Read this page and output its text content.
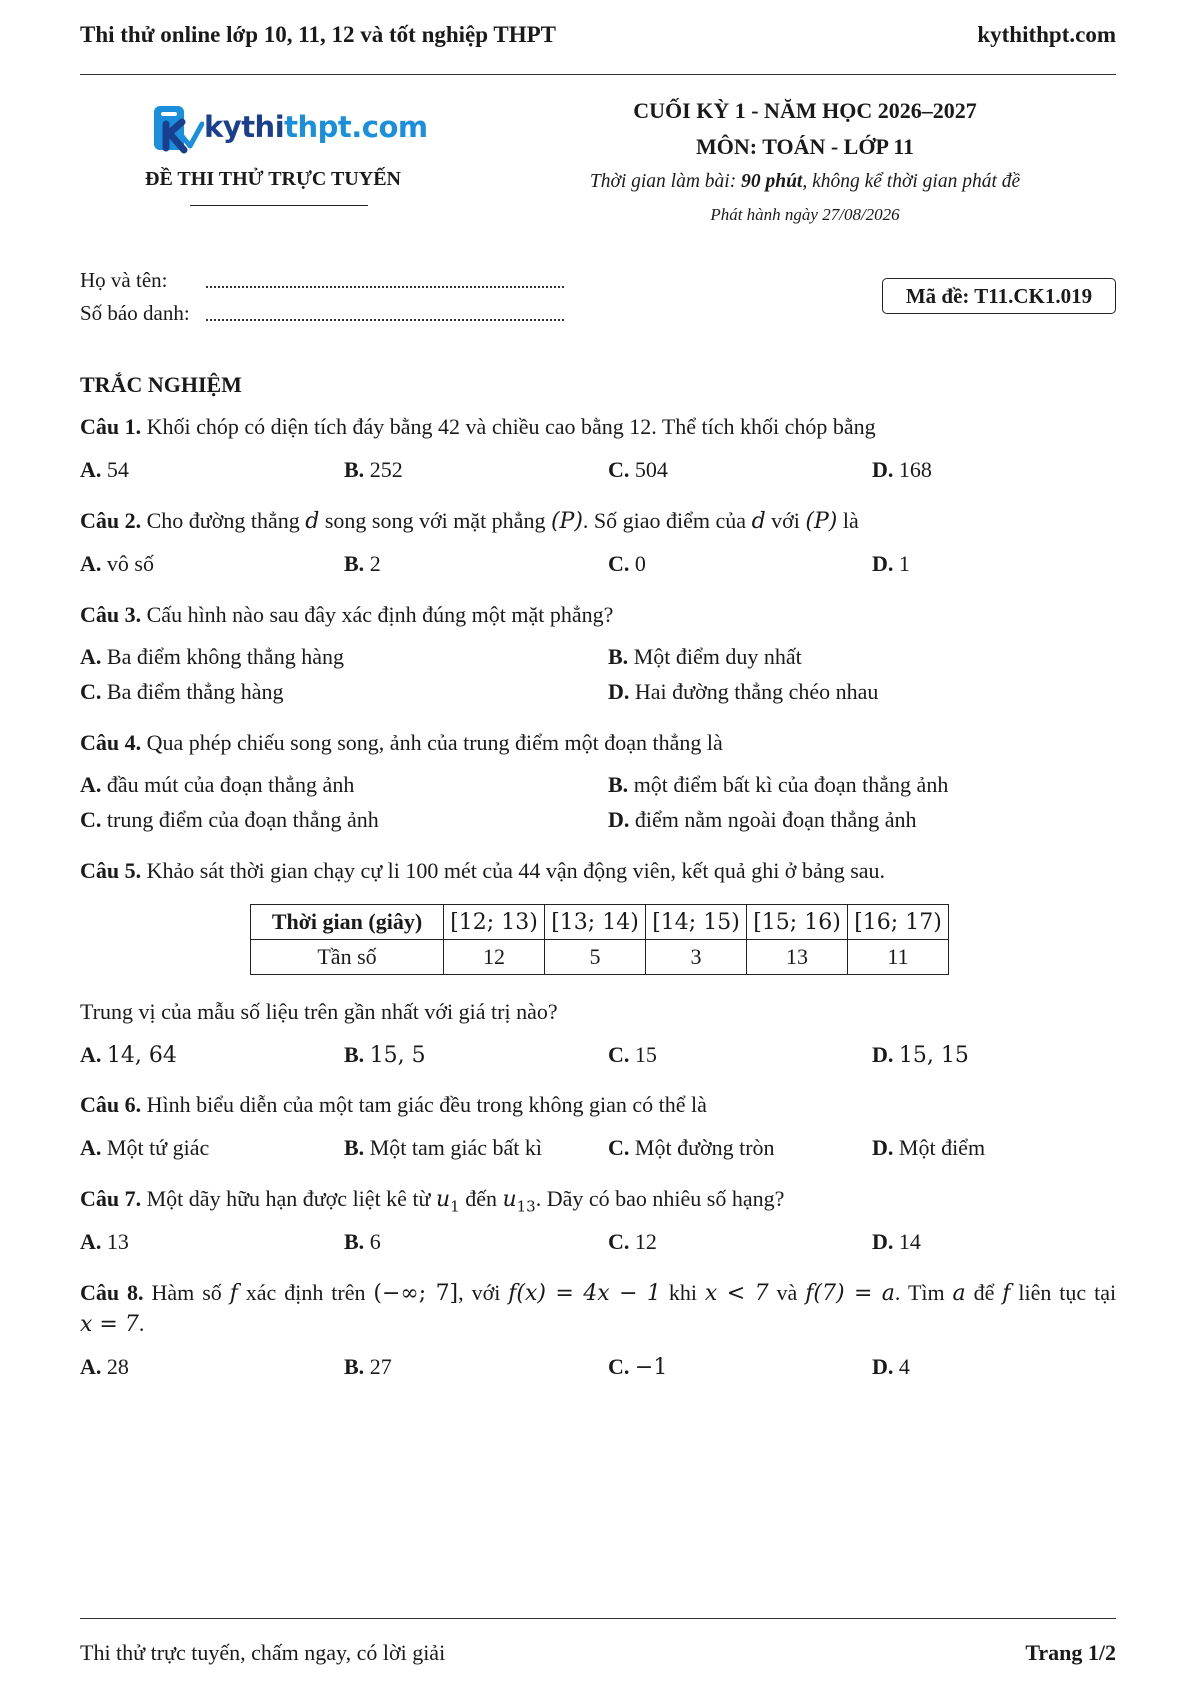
Thi thử online lớp 10, 11, 12 và tốt nghiệp THPT	kythithpt.com
kythithpt.com
ĐỀ THI THỬ TRỰC TUYẾN
CUỐI KỲ 1 - NĂM HỌC 2026–2027
MÔN: TOÁN - LỚP 11
Thời gian làm bài: 90 phút, không kể thời gian phát đề
Phát hành ngày 27/08/2026
Họ và tên:
Số báo danh:
Mã đề: T11.CK1.019
TRẮC NGHIỆM
Câu 1. Khối chóp có diện tích đáy bằng 42 và chiều cao bằng 12. Thể tích khối chóp bằng
A. 54	B. 252	C. 504	D. 168
Câu 2. Cho đường thẳng d song song với mặt phẳng (P). Số giao điểm của d với (P) là
A. vô số	B. 2	C. 0	D. 1
Câu 3. Cấu hình nào sau đây xác định đúng một mặt phẳng?
A. Ba điểm không thẳng hàng	B. Một điểm duy nhất
C. Ba điểm thẳng hàng	D. Hai đường thẳng chéo nhau
Câu 4. Qua phép chiếu song song, ảnh của trung điểm một đoạn thẳng là
A. đầu mút của đoạn thẳng ảnh	B. một điểm bất kì của đoạn thẳng ảnh
C. trung điểm của đoạn thẳng ảnh	D. điểm nằm ngoài đoạn thẳng ảnh
Câu 5. Khảo sát thời gian chạy cự li 100 mét của 44 vận động viên, kết quả ghi ở bảng sau.
Thời gian (giây)	[12; 13)	[13; 14)	[14; 15)	[15; 16)	[16; 17)
Tần số	12	5	3	13	11
Trung vị của mẫu số liệu trên gần nhất với giá trị nào?
A. 14, 64	B. 15, 5	C. 15	D. 15, 15
Câu 6. Hình biểu diễn của một tam giác đều trong không gian có thể là
A. Một tứ giác	B. Một tam giác bất kì	C. Một đường tròn	D. Một điểm
Câu 7. Một dãy hữu hạn được liệt kê từ $u_1$ đến $u_{13}$. Dãy có bao nhiêu số hạng?
A. 13	B. 6	C. 12	D. 14
Câu 8. Hàm số f xác định trên (−∞; 7], với f(x) = 4x − 1 khi x < 7 và f(7) = a. Tìm a để f liên tục tại
x = 7.
A. 28	B. 27	C. −1	D. 4
Thi thử trực tuyến, chấm ngay, có lời giải	Trang 1/2
